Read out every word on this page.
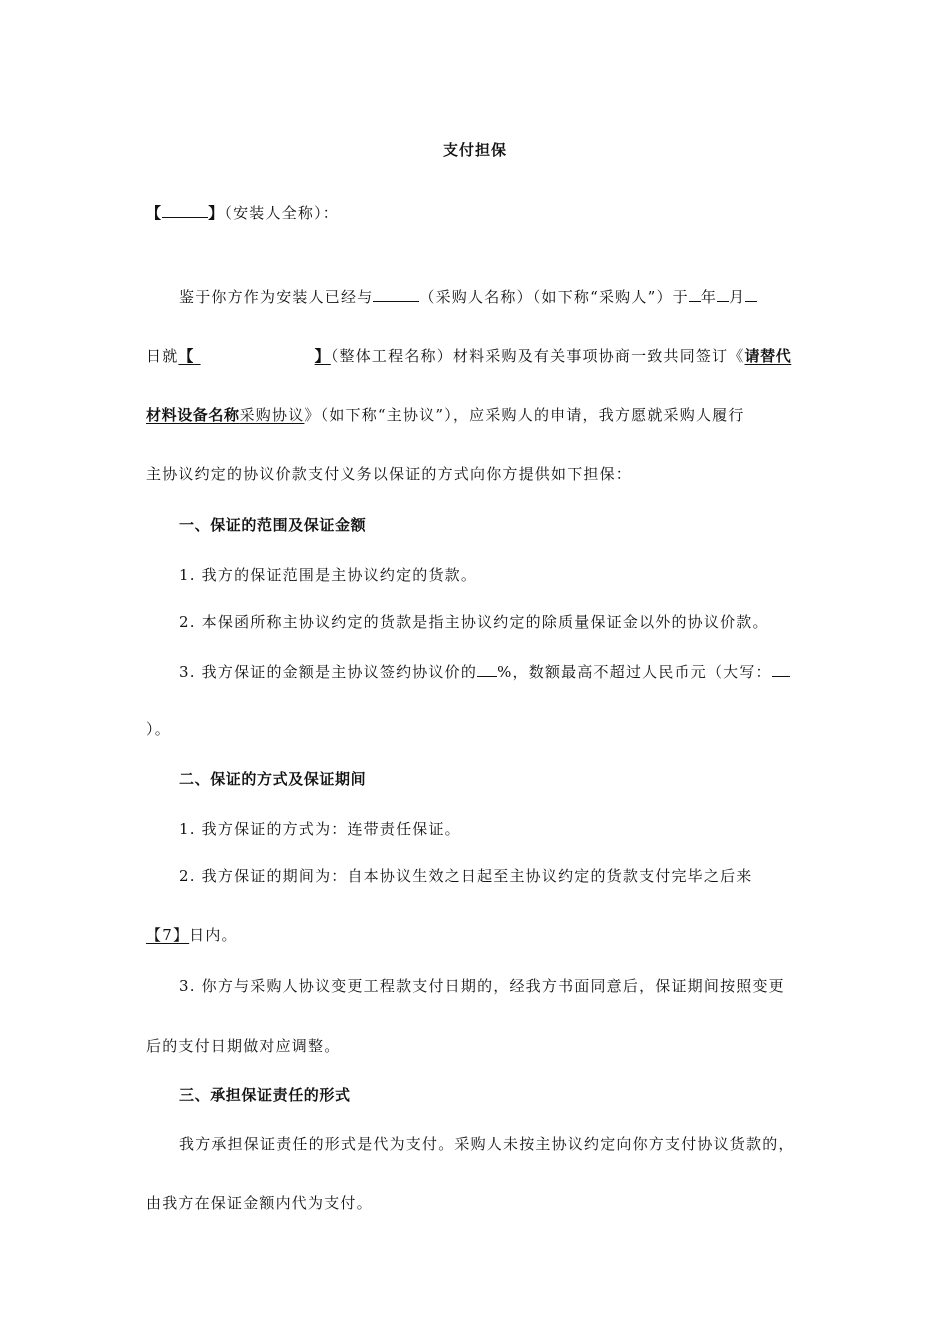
支付担保
【	】（安装人全称）：
鉴于你方作为安装人已经与	（采购人名称）（如下称“采购人”）于 年 月
日就【	】（整体工程名称）材料采购及有关事项协商一致共同签订《请替代
材料设备名称采购协议》（如下称“主协议”），应采购人的申请，我方愿就采购人履行
主协议约定的协议价款支付义务以保证的方式向你方提供如下担保：
一、保证的范围及保证金额
1. 我方的保证范围是主协议约定的货款。
2. 本保函所称主协议约定的货款是指主协议约定的除质量保证金以外的协议价款。
3. 我方保证的金额是主协议签约协议价的 %，数额最高不超过人民币元（大写：
）。
二、保证的方式及保证期间
1. 我方保证的方式为：连带责任保证。
2. 我方保证的期间为：自本协议生效之日起至主协议约定的货款支付完毕之后来
【7】日内。
3. 你方与采购人协议变更工程款支付日期的，经我方书面同意后，保证期间按照变更
后的支付日期做对应调整。
三、承担保证责任的形式
我方承担保证责任的形式是代为支付。采购人未按主协议约定向你方支付协议货款的，
由我方在保证金额内代为支付。
